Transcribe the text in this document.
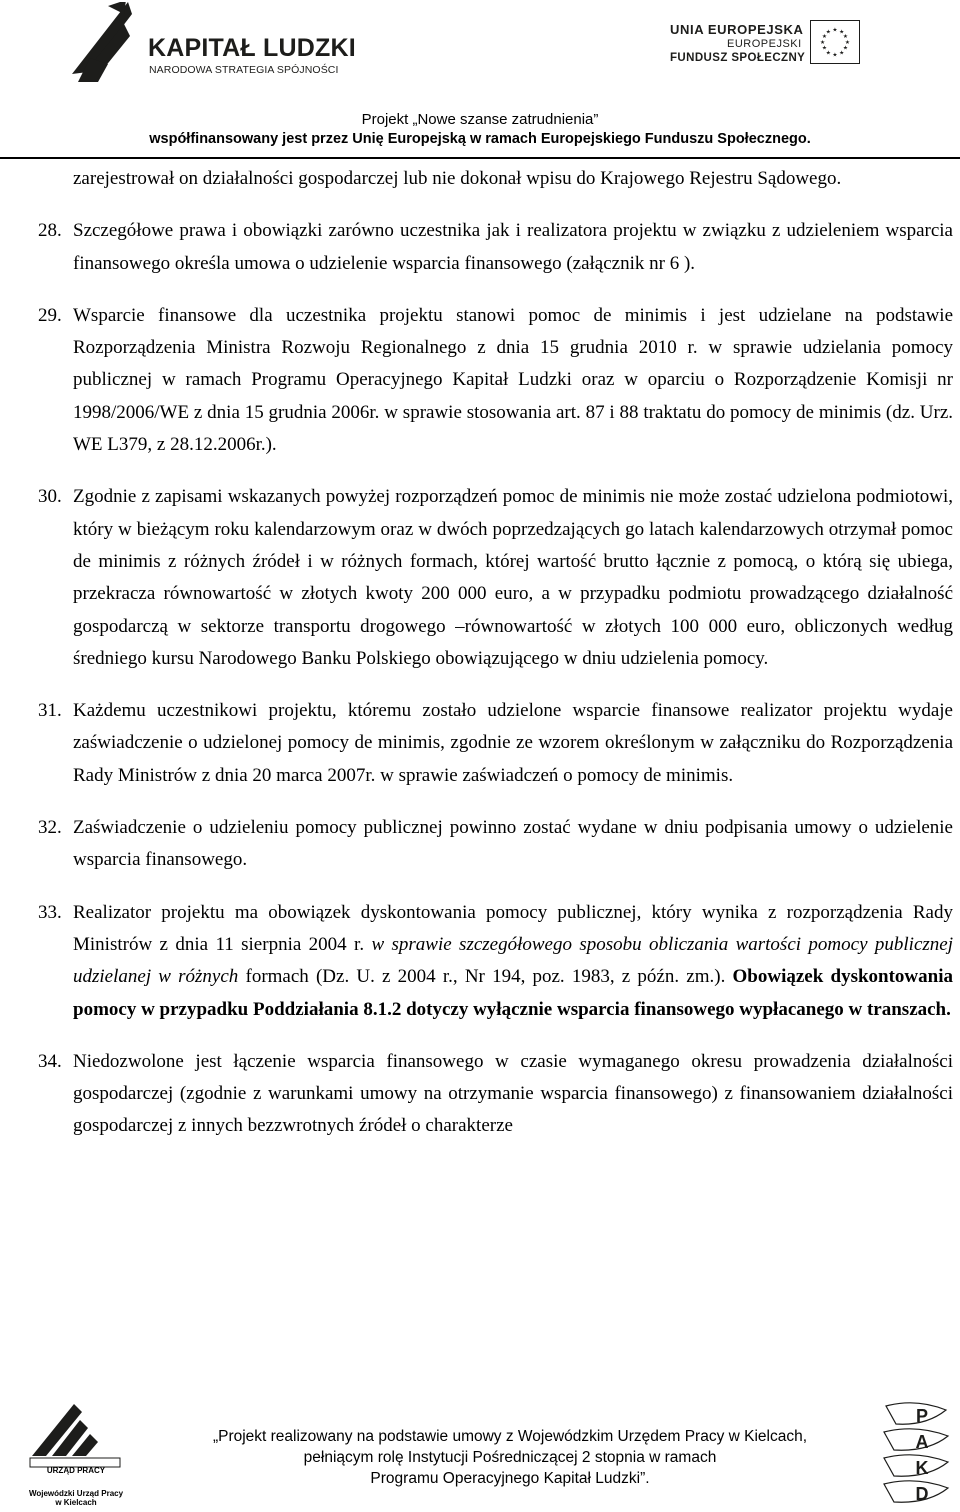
KAPITAŁ LUDZKI
NARODOWA STRATEGIA SPÓJNOŚCI
UNIA EUROPEJSKA
EUROPEJSKI
FUNDUSZ SPOŁECZNY
★ ★
★
★
★
★
★
★
★
★
★
★
Projekt „Nowe szanse zatrudnienia”
współfinansowany jest przez Unię Europejską w ramach Europejskiego Funduszu Społecznego.

zarejestrował on działalności gospodarczej lub nie dokonał wpisu do Krajowego Rejestru Sądowego.

28. Szczegółowe prawa i obowiązki zarówno uczestnika jak i realizatora projektu w związku z udzieleniem wsparcia finansowego określa umowa o udzielenie wsparcia finansowego (załącznik nr 6 ).
29. Wsparcie finansowe dla uczestnika projektu stanowi pomoc de minimis i jest udzielane na podstawie Rozporządzenia Ministra Rozwoju Regionalnego z dnia 15 grudnia 2010 r. w sprawie udzielania pomocy publicznej w ramach Programu Operacyjnego Kapitał Ludzki oraz w oparciu o Rozporządzenie Komisji nr 1998/2006/WE z dnia 15 grudnia 2006r. w sprawie stosowania art. 87 i 88 traktatu do pomocy de minimis (dz. Urz. WE L379, z 28.12.2006r.).
30. Zgodnie z zapisami wskazanych powyżej rozporządzeń pomoc de minimis nie może zostać udzielona podmiotowi, który w bieżącym roku kalendarzowym oraz w dwóch poprzedzających go latach kalendarzowych otrzymał pomoc de minimis z różnych źródeł i w różnych formach, której wartość brutto łącznie z pomocą, o którą się ubiega, przekracza równowartość w złotych kwoty 200 000 euro, a w przypadku podmiotu prowadzącego działalność gospodarczą w sektorze transportu drogowego –równowartość w złotych 100 000 euro, obliczonych według średniego kursu Narodowego Banku Polskiego obowiązującego w dniu udzielenia pomocy.
31. Każdemu uczestnikowi projektu, któremu zostało udzielone wsparcie finansowe realizator projektu wydaje zaświadczenie o udzielonej pomocy de minimis, zgodnie ze wzorem określonym w załączniku do Rozporządzenia Rady Ministrów z dnia 20 marca 2007r. w sprawie zaświadczeń o pomocy de minimis.
32. Zaświadczenie o udzieleniu pomocy publicznej powinno zostać wydane w dniu podpisania umowy o udzielenie wsparcia finansowego.
33. Realizator projektu ma obowiązek dyskontowania pomocy publicznej, który wynika z rozporządzenia Rady Ministrów z dnia 11 sierpnia 2004 r. w sprawie szczegółowego sposobu obliczania wartości pomocy publicznej udzielanej w różnych formach (Dz. U. z 2004 r., Nr 194, poz. 1983, z późn. zm.). Obowiązek dyskontowania pomocy w przypadku Poddziałania 8.1.2 dotyczy wyłącznie wsparcia finansowego wypłacanego w transzach.
34. Niedozwolone jest łączenie wsparcia finansowego w czasie wymaganego okresu prowadzenia działalności gospodarczej (zgodnie z warunkami umowy na otrzymanie wsparcia finansowego) z finansowaniem działalności gospodarczej z innych bezzwrotnych źródeł o charakterze
URZĄD PRACY
Wojewódzki Urząd Pracy
w Kielcach
„Projekt realizowany na podstawie umowy z Wojewódzkim Urzędem Pracy w Kielcach,
pełniącym rolę Instytucji Pośredniczącej 2 stopnia w ramach
Programu Operacyjnego Kapitał Ludzki”.
P
A
K
D
